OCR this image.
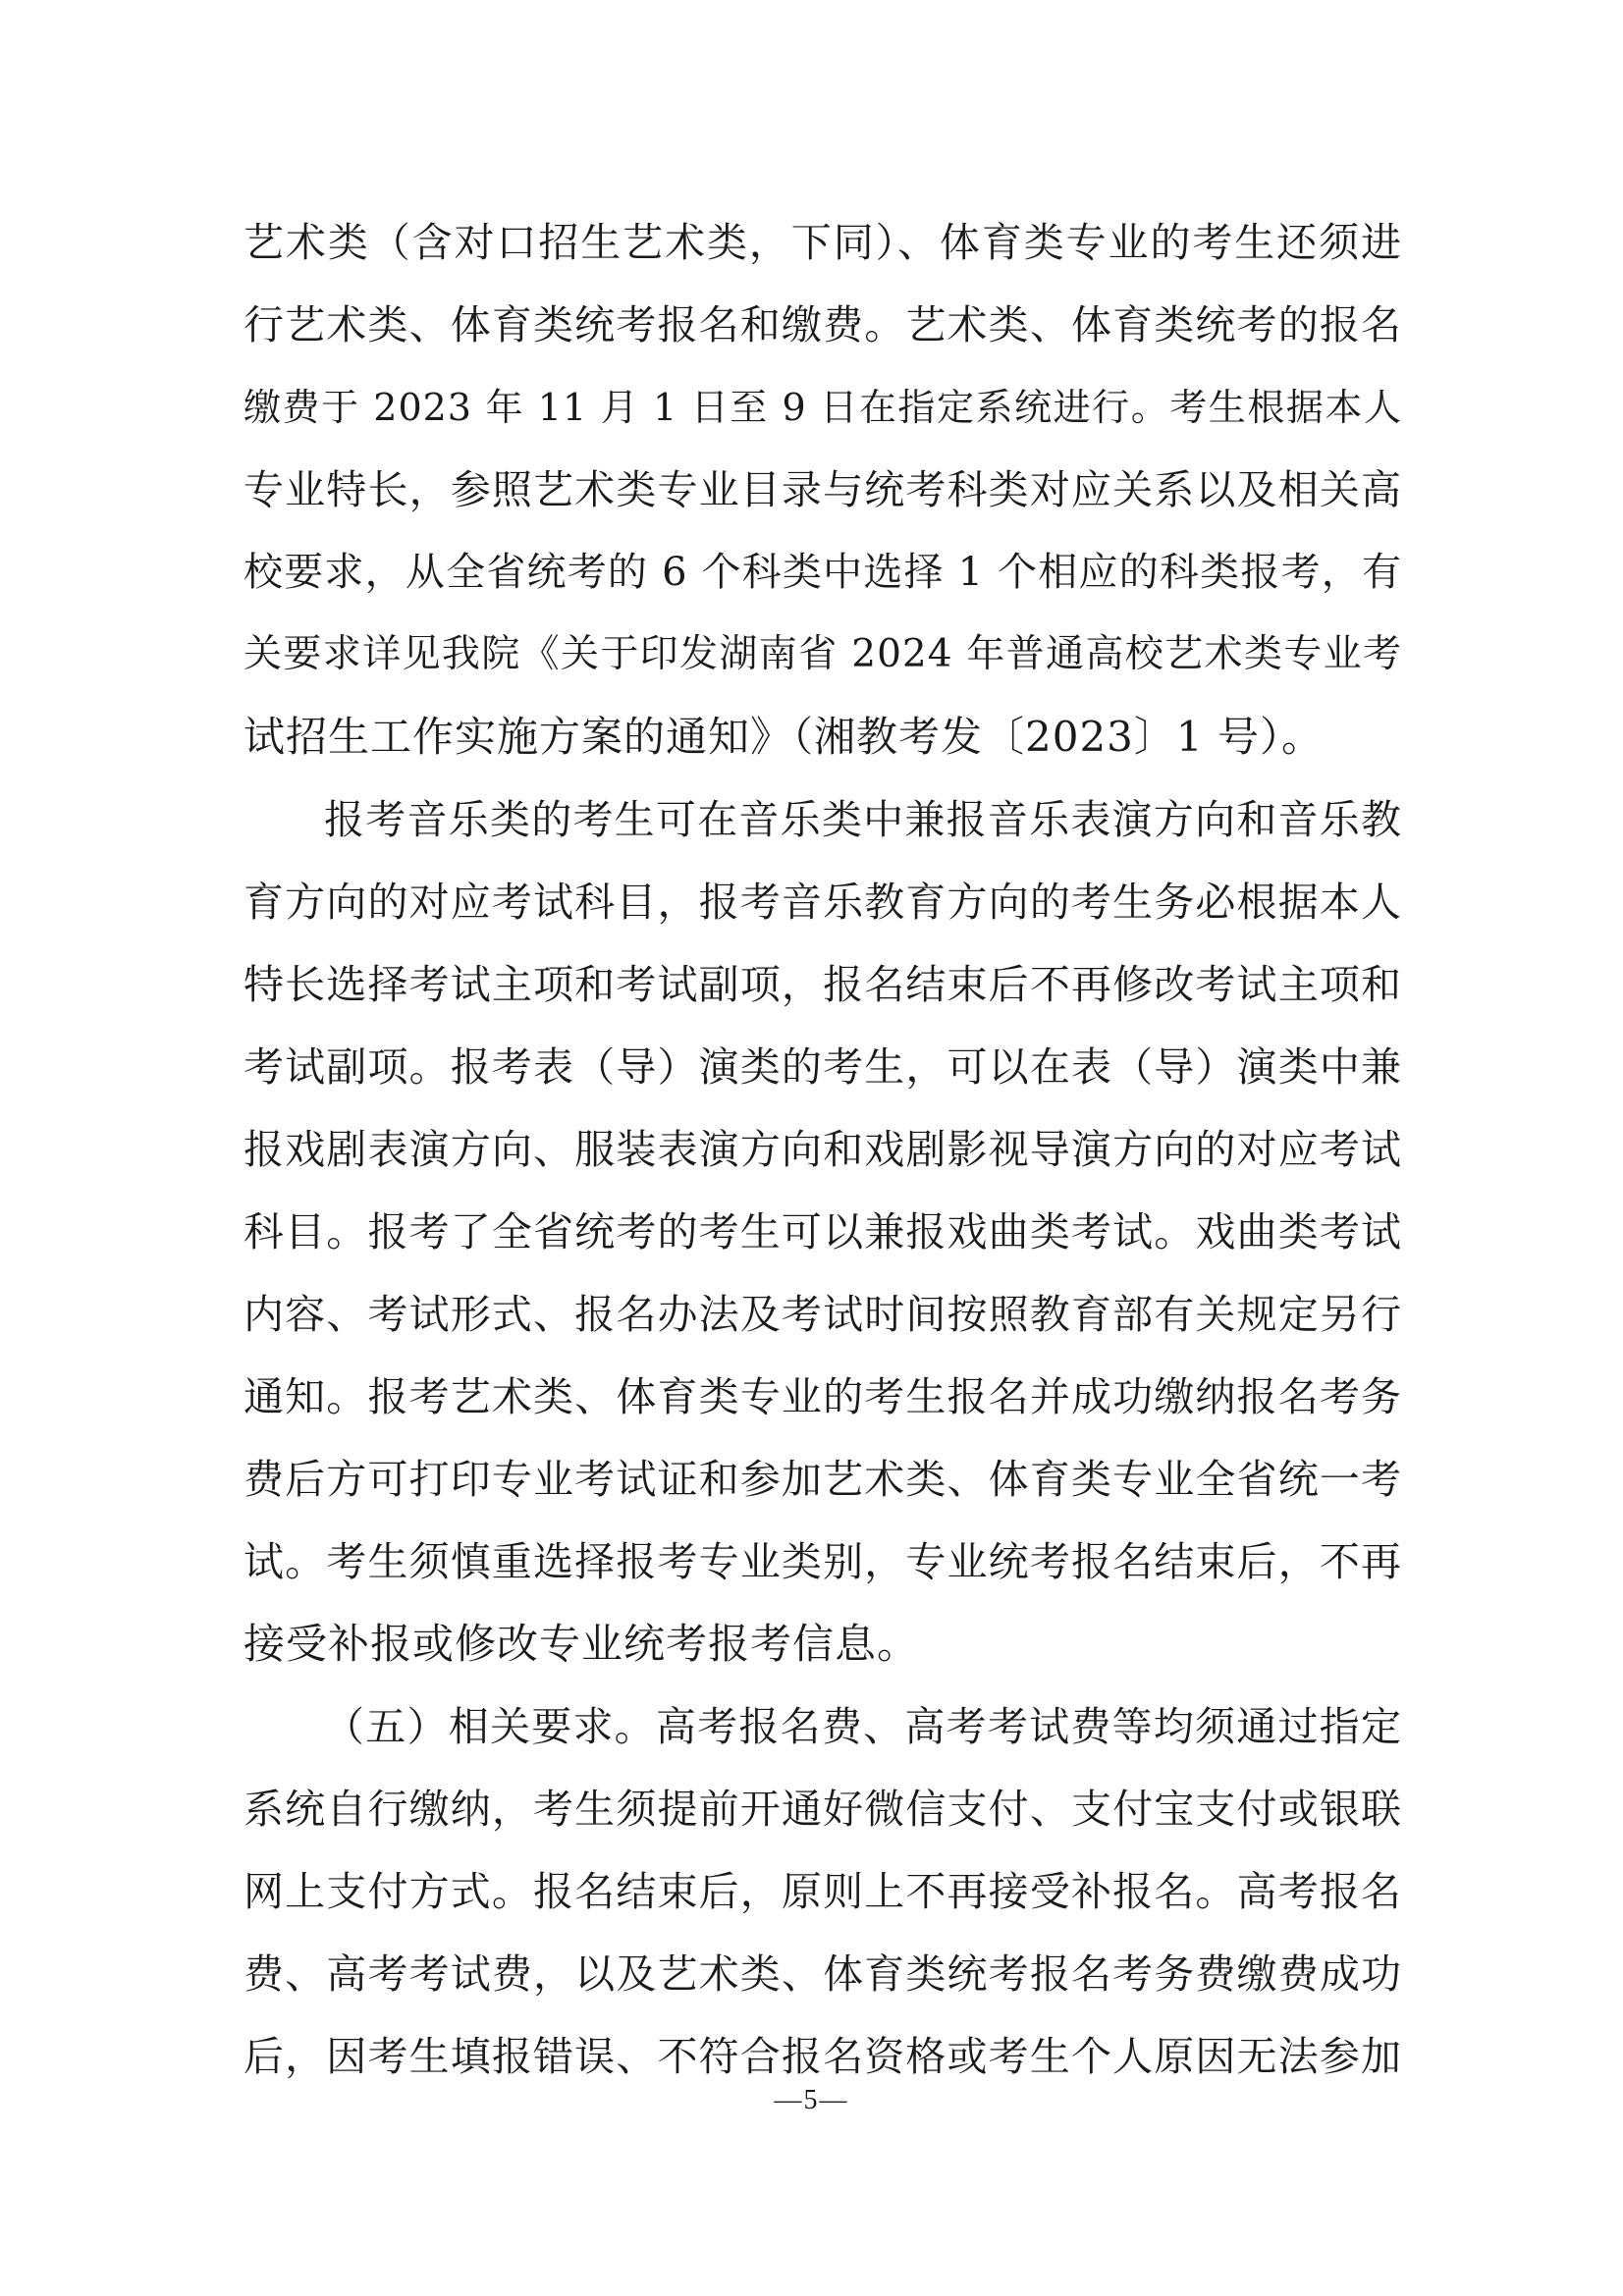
艺术类（含对口招生艺术类，下同）、体育类专业的考生还须进
行艺术类、体育类统考报名和缴费。艺术类、体育类统考的报名
缴费于 2023 年 11 月 1 日至 9 日在指定系统进行。考生根据本人
专业特长，参照艺术类专业目录与统考科类对应关系以及相关高
校要求，从全省统考的 6 个科类中选择 1 个相应的科类报考，有
关要求详见我院《关于印发湖南省 2024 年普通高校艺术类专业考
试招生工作实施方案的通知》（湘教考发〔2023〕1 号）。
报考音乐类的考生可在音乐类中兼报音乐表演方向和音乐教
育方向的对应考试科目，报考音乐教育方向的考生务必根据本人
特长选择考试主项和考试副项，报名结束后不再修改考试主项和
考试副项。报考表（导）演类的考生，可以在表（导）演类中兼
报戏剧表演方向、服装表演方向和戏剧影视导演方向的对应考试
科目。报考了全省统考的考生可以兼报戏曲类考试。戏曲类考试
内容、考试形式、报名办法及考试时间按照教育部有关规定另行
通知。报考艺术类、体育类专业的考生报名并成功缴纳报名考务
费后方可打印专业考试证和参加艺术类、体育类专业全省统一考
试。考生须慎重选择报考专业类别，专业统考报名结束后，不再
接受补报或修改专业统考报考信息。
（五）相关要求。高考报名费、高考考试费等均须通过指定
系统自行缴纳，考生须提前开通好微信支付、支付宝支付或银联
网上支付方式。报名结束后，原则上不再接受补报名。高考报名
费、高考考试费，以及艺术类、体育类统考报名考务费缴费成功
后，因考生填报错误、不符合报名资格或考生个人原因无法参加
—5—
